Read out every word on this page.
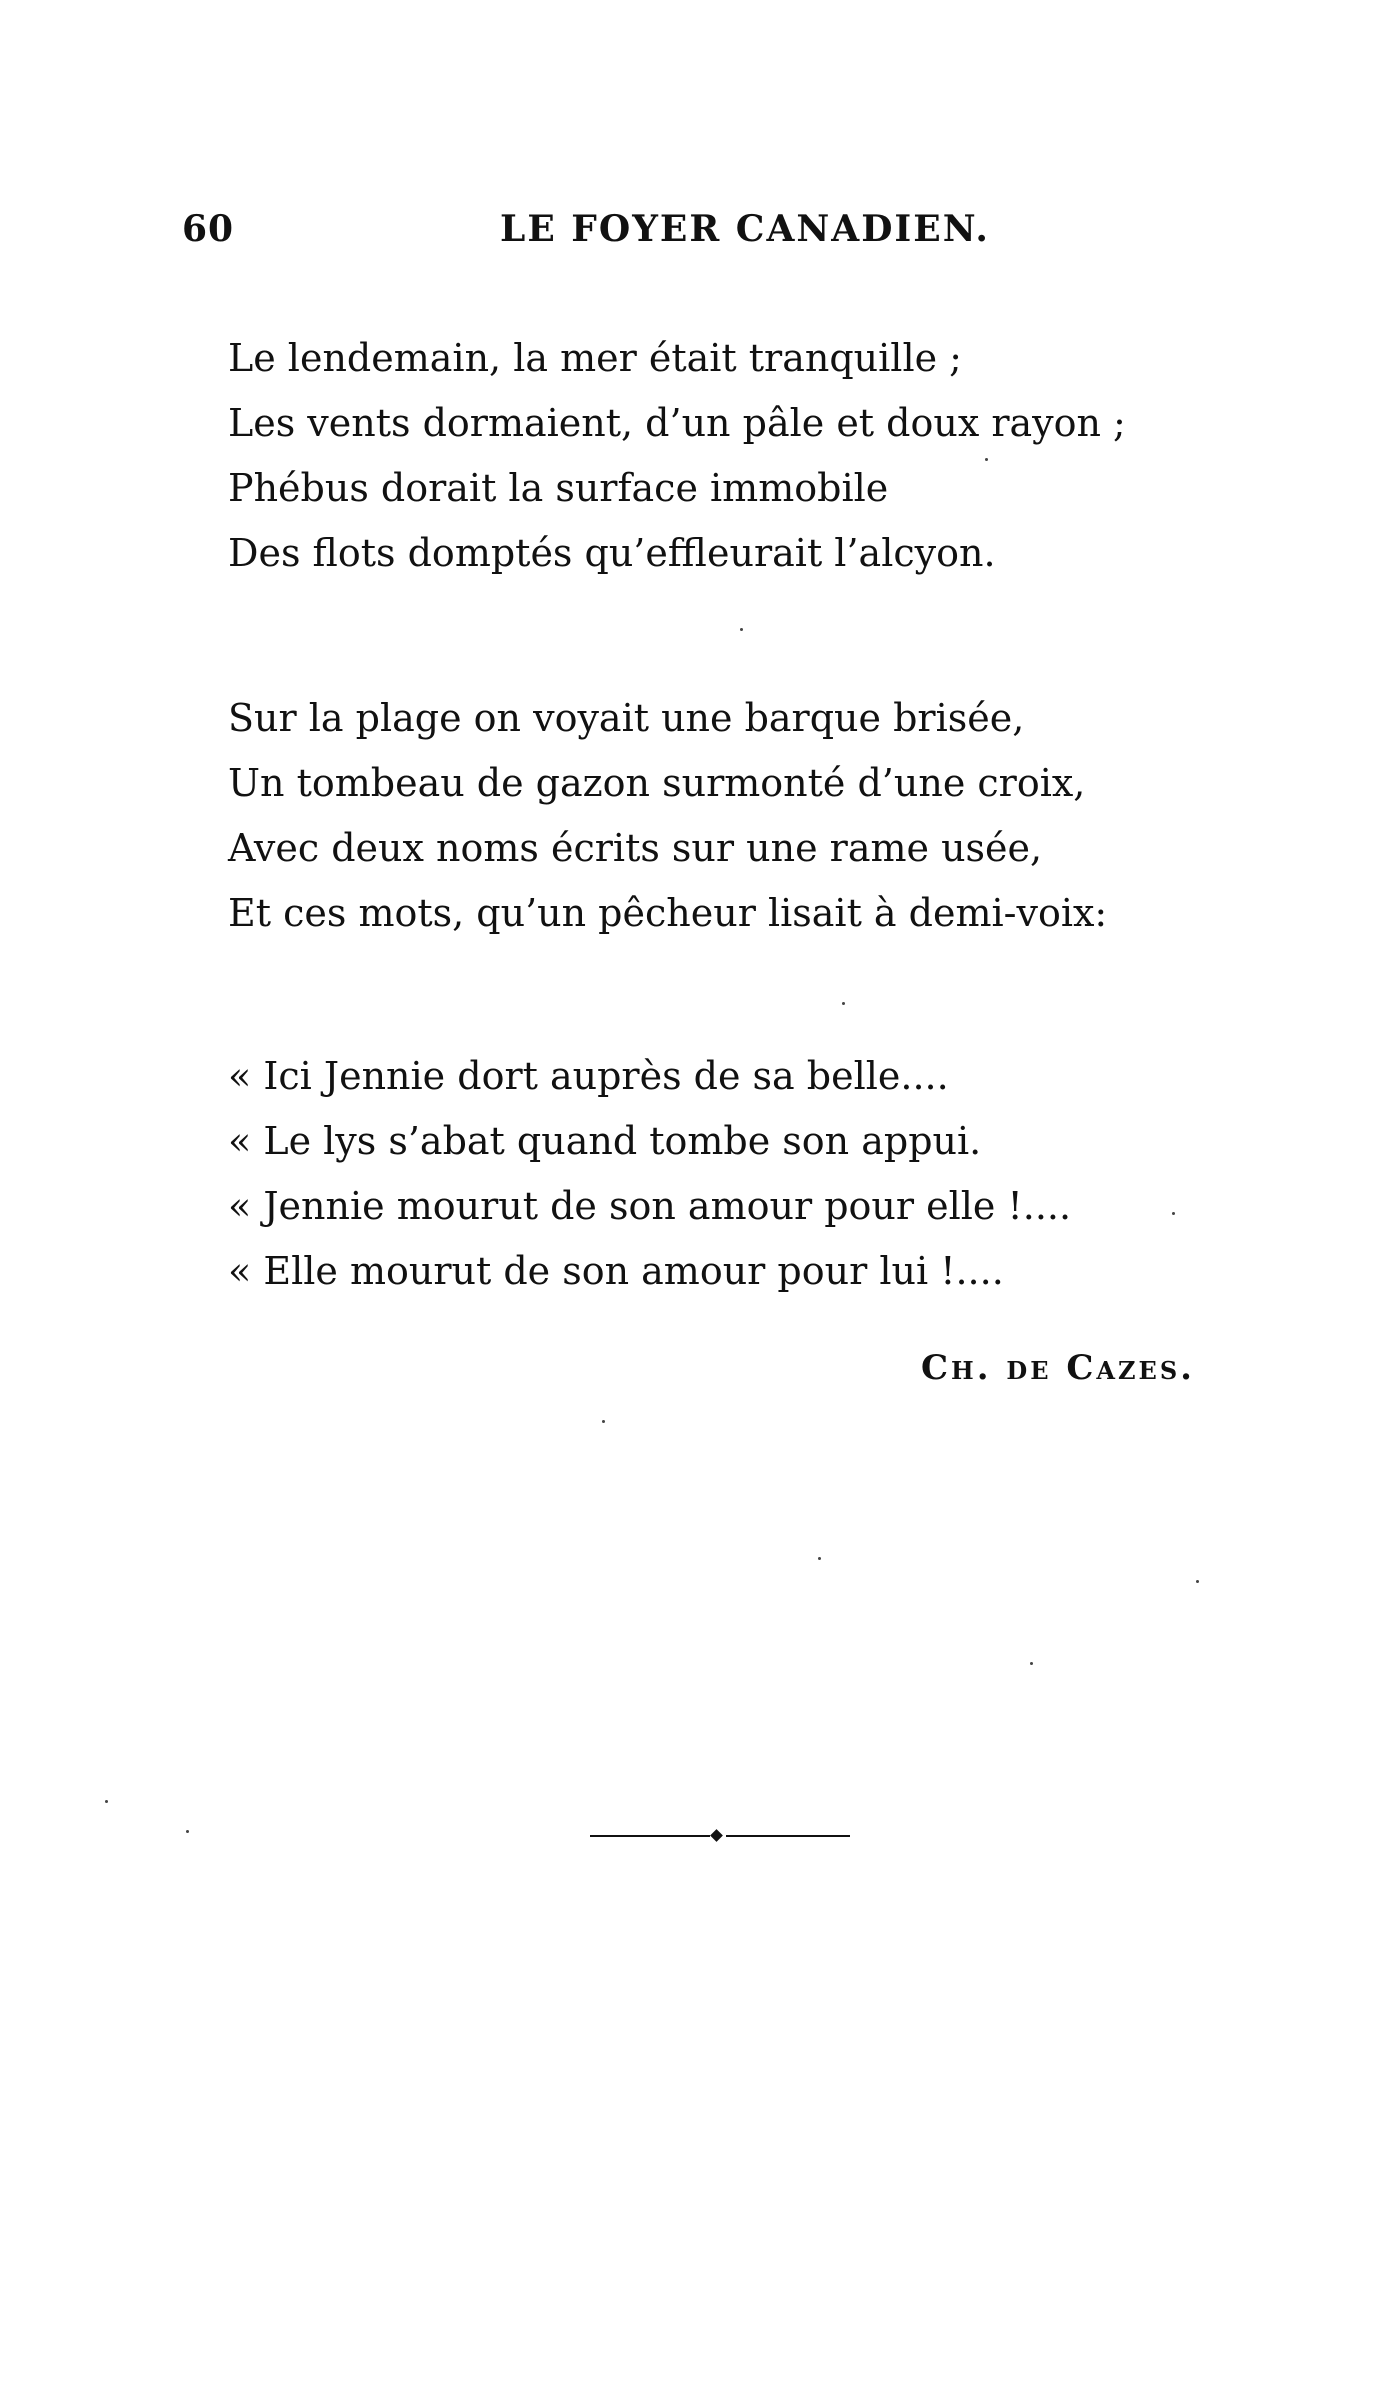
60	LE FOYER CANADIEN.
Le lendemain, la mer était tranquille ;
Les vents dormaient, d’un pâle et doux rayon ;
Phébus dorait la surface immobile
Des flots domptés qu’effleurait l’alcyon.
Sur la plage on voyait une barque brisée,
Un tombeau de gazon surmonté d’une croix,
Avec deux noms écrits sur une rame usée,
Et ces mots, qu’un pêcheur lisait à demi-voix:
« Ici Jennie dort auprès de sa belle....
« Le lys s’abat quand tombe son appui.
« Jennie mourut de son amour pour elle !....
« Elle mourut de son amour pour lui !....
Ch. de Cazes.
